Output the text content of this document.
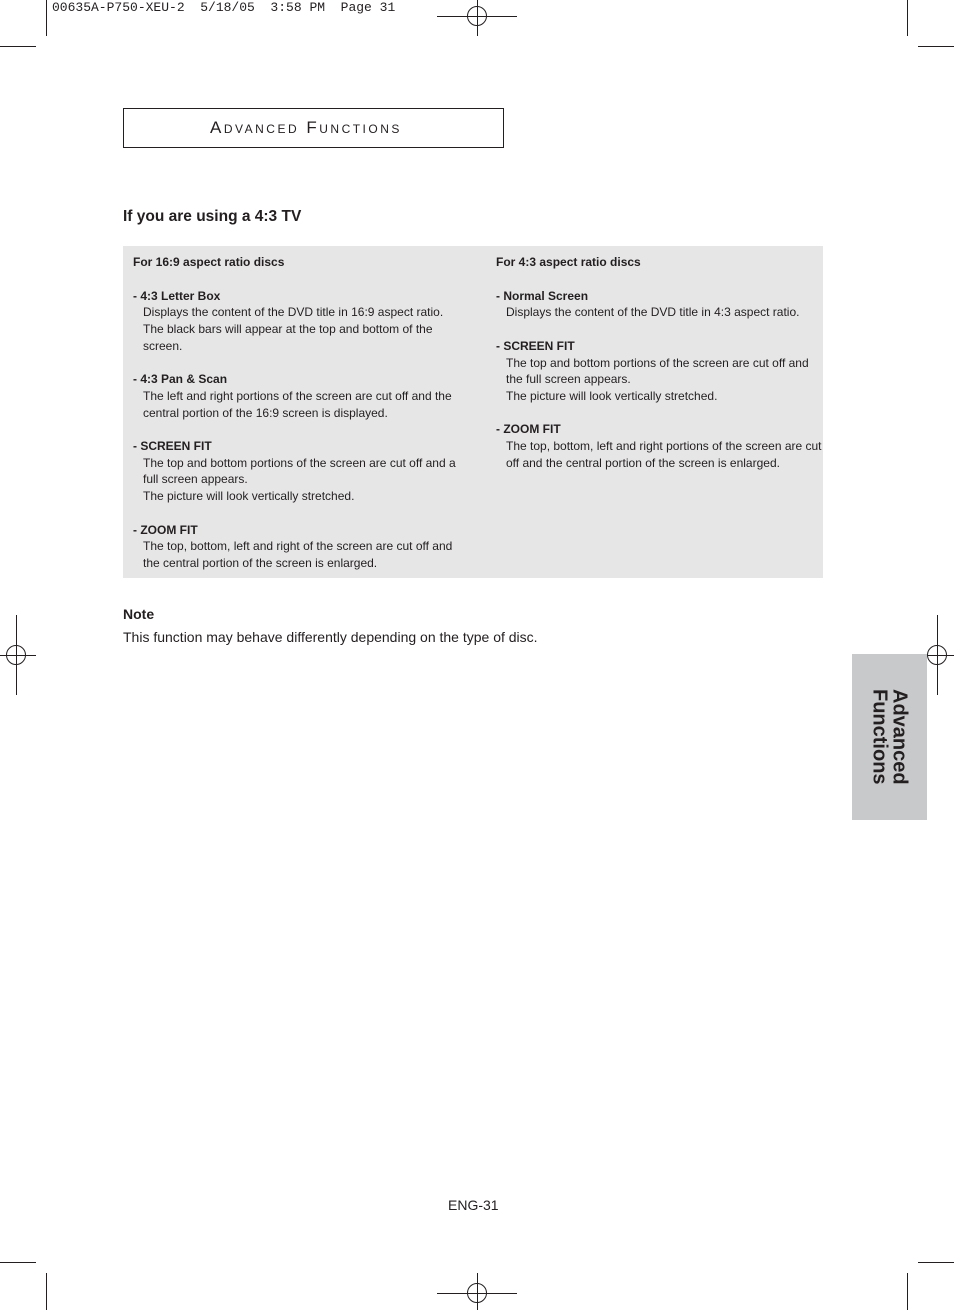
00635A-P750-XEU-2  5/18/05  3:58 PM  Page 31
Advanced Functions
If you are using a 4:3 TV
For 16:9 aspect ratio discs
- 4:3 Letter Box
Displays the content of the DVD title in 16:9 aspect ratio.
The black bars will appear at the top and bottom of the
screen.
- 4:3 Pan & Scan
The left and right portions of the screen are cut off and the
central portion of the 16:9 screen is displayed.
- SCREEN FIT
The top and bottom portions of the screen are cut off and a
full screen appears.
The picture will look vertically stretched.
- ZOOM FIT
The top, bottom, left and right of the screen are cut off and
the central portion of the screen is enlarged.
For 4:3 aspect ratio discs
- Normal Screen
Displays the content of the DVD title in 4:3 aspect ratio.
- SCREEN FIT
The top and bottom portions of the screen are cut off and
the full screen appears.
The picture will look vertically stretched.
- ZOOM FIT
The top, bottom, left and right portions of the screen are cut
off and the central portion of the screen is enlarged.
Note
This function may behave differently depending on the type of disc.
Advanced
Functions
ENG-31
